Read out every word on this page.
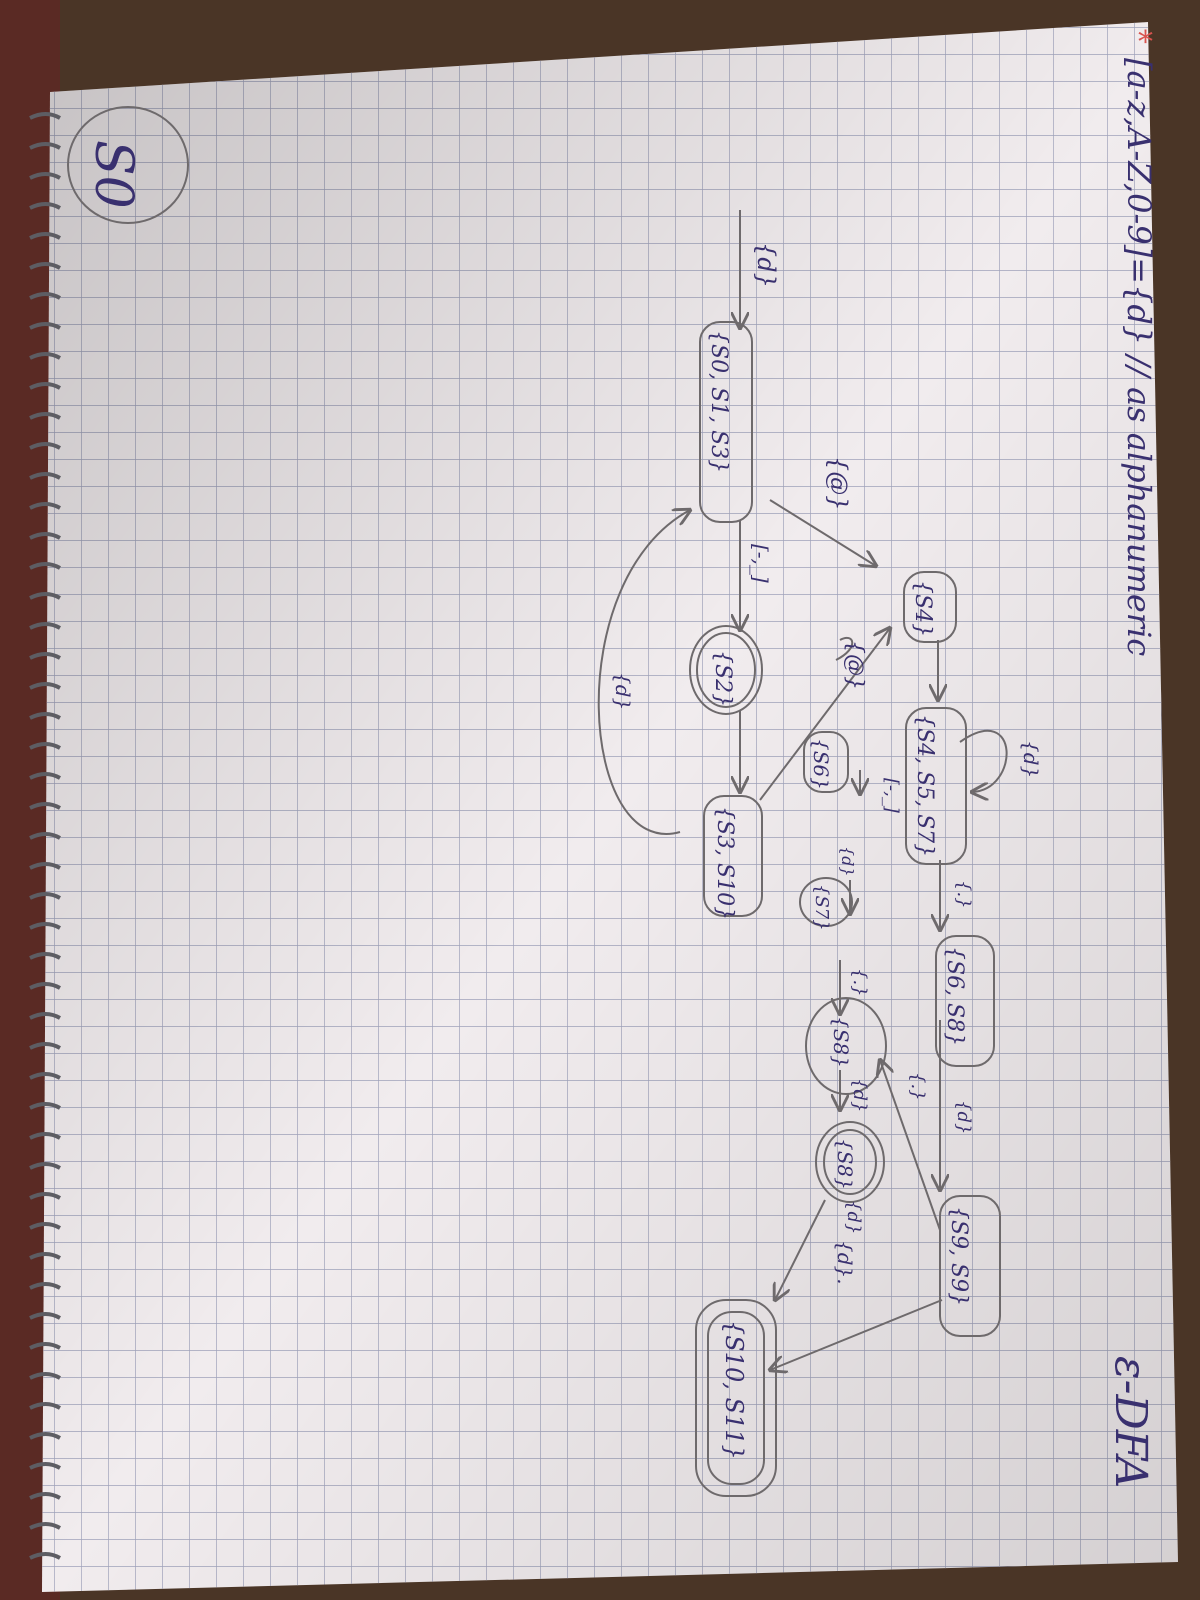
*
[a-z,A-Z,0-9]={d} // as alphanumeric
ε-DFA
S0
{S0, S1, S3}
{S4}
{S2}
{S3, S10}
{S4, S5, S7}
{S6}
{S7}
{S6, S8}
{S8}
{S8}
{S9, S9}
{S10, S11}
{d}
{@}
[-,_]
{d}
{d}
{@}
[-,_]
{.}
{d}
{d}
{.}
{d} {.}
{d}
{d}.
